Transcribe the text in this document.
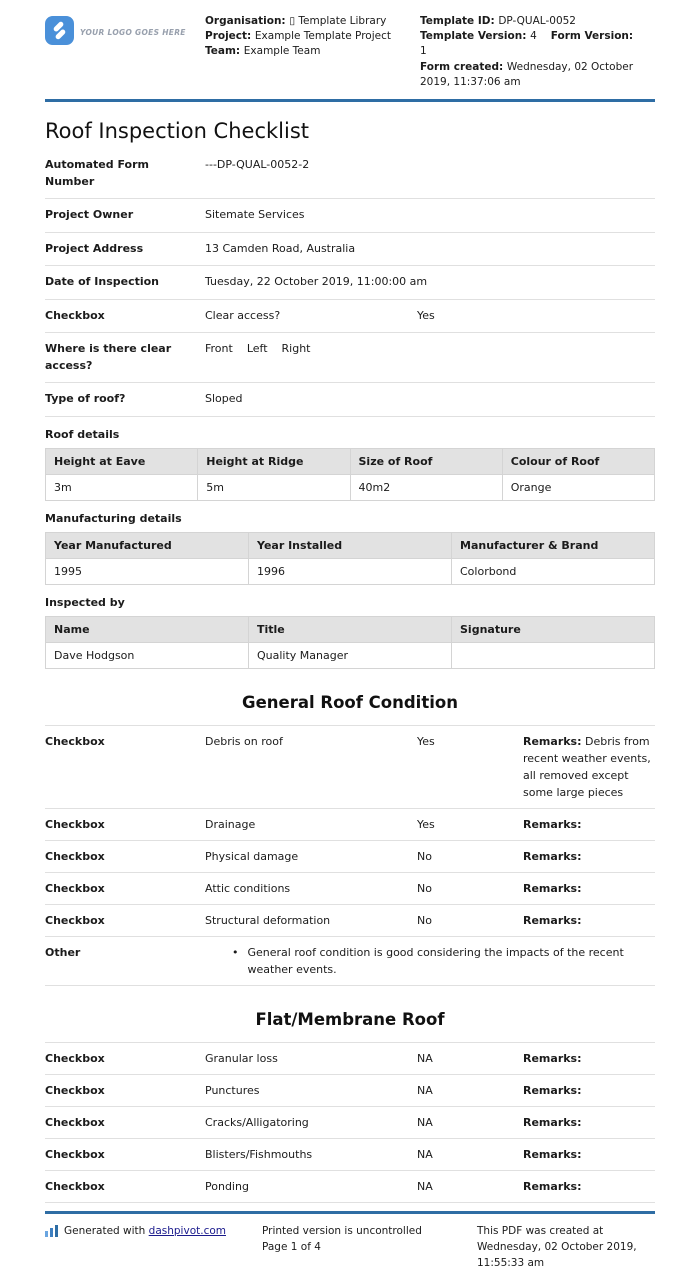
YOUR LOGO GOES HERE
Organisation: ▯ Template Library
Project: Example Template Project
Team: Example Team
Template ID: DP-QUAL-0052
Template Version: 4 Form Version: 1
Form created: Wednesday, 02 October 2019, 11:37:06 am
Roof Inspection Checklist
Automated Form Number
---DP-QUAL-0052-2
Project Owner	Sitemate Services
Project Address	13 Camden Road, Australia
Date of Inspection	Tuesday, 22 October 2019, 11:00:00 am
Checkbox	Clear access?	Yes
Where is there clear access?
Front Left Right
Type of roof?	Sloped
Roof details
Height at Eave	Height at Ridge	Size of Roof	Colour of Roof
3m	5m	40m2	Orange
Manufacturing details
Year Manufactured	Year Installed	Manufacturer & Brand
1995	1996	Colorbond
Inspected by
Name	Title	Signature
Dave Hodgson	Quality Manager	
General Roof Condition
Checkbox	Debris on roof	Yes	Remarks: Debris from recent weather events, all removed except some large pieces
Checkbox	Drainage	Yes	Remarks:
Checkbox	Physical damage	No	Remarks:
Checkbox	Attic conditions	No	Remarks:
Checkbox	Structural deformation	No	Remarks:
Other	• General roof condition is good considering the impacts of the recent weather events.
Flat/Membrane Roof
Checkbox	Granular loss	NA	Remarks:
Checkbox	Punctures	NA	Remarks:
Checkbox	Cracks/Alligatoring	NA	Remarks:
Checkbox	Blisters/Fishmouths	NA	Remarks:
Checkbox	Ponding	NA	Remarks:
Generated with dashpivot.com	Printed version is uncontrolled
Page 1 of 4
This PDF was created at Wednesday, 02 October 2019, 11:55:33 am
